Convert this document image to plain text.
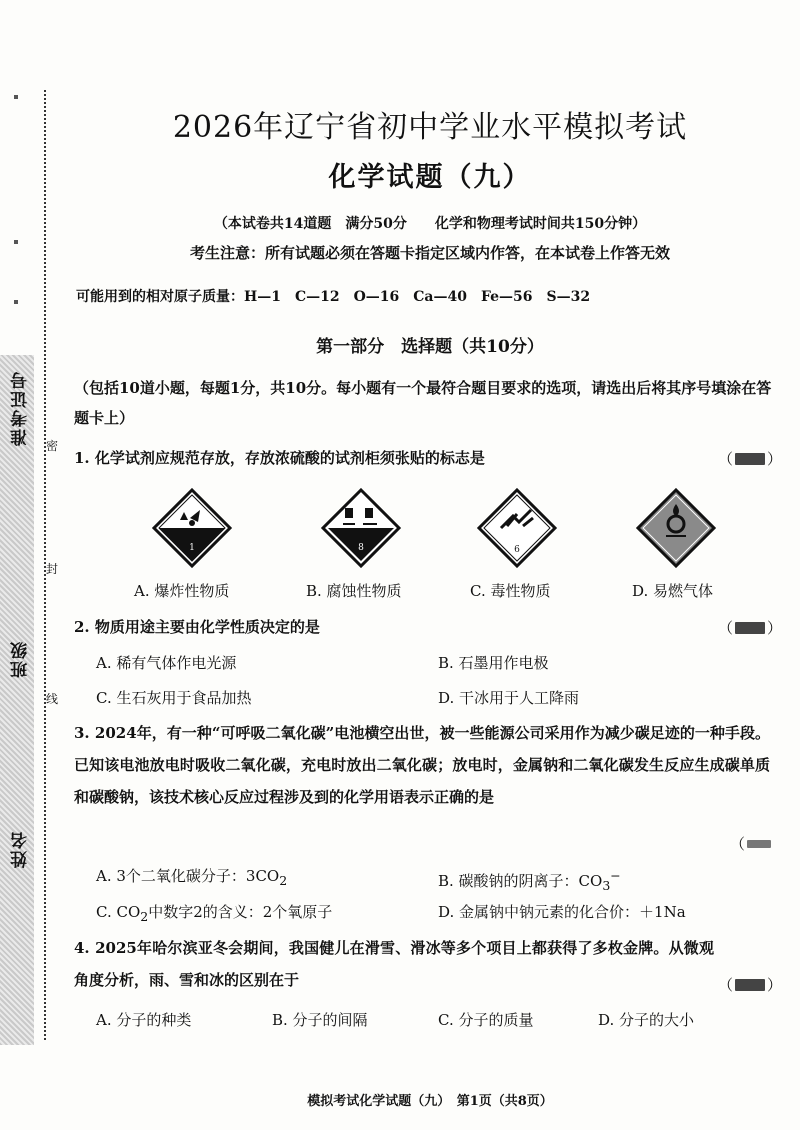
密
封
线
准考证号
班级
姓名
2026年辽宁省初中学业水平模拟考试
化学试题（九）
（本试卷共14道题　满分50分　　化学和物理考试时间共150分钟）
考生注意：所有试题必须在答题卡指定区域内作答，在本试卷上作答无效
可能用到的相对原子质量：H—1　C—12　O—16　Ca—40　Fe—56　S—32
第一部分　选择题（共10分）
（包括10道小题，每题1分，共10分。每小题有一个最符合题目要求的选项，请选出后将其序号填涂在答题卡上）
1. 化学试剂应规范存放，存放浓硫酸的试剂柜须张贴的标志是	（ ）
1	8	6
A. 爆炸性物质	B. 腐蚀性物质	C. 毒性物质	D. 易燃气体
2. 物质用途主要由化学性质决定的是	（ ）
A. 稀有气体作电光源	B. 石墨用作电极
C. 生石灰用于食品加热	D. 干冰用于人工降雨
3. 2024年，有一种“可呼吸二氧化碳”电池横空出世，被一些能源公司采用作为减少碳足迹的一种手段。已知该电池放电时吸收二氧化碳，充电时放出二氧化碳；放电时，金属钠和二氧化碳发生反应生成碳单质和碳酸钠，该技术核心反应过程涉及到的化学用语表示正确的是
（
A. 3个二氧化碳分子：$3CO_2$	B. 碳酸钠的阴离子：$CO_3^-$
C. $CO_2$中数字2的含义：2个氧原子	D. 金属钠中钠元素的化合价：＋1Na
4. 2025年哈尔滨亚冬会期间，我国健儿在滑雪、滑冰等多个项目上都获得了多枚金牌。从微观角度分析，雨、雪和冰的区别在于	（ ）
A. 分子的种类	B. 分子的间隔	C. 分子的质量	D. 分子的大小
模拟考试化学试题（九）　第1页（共8页）
